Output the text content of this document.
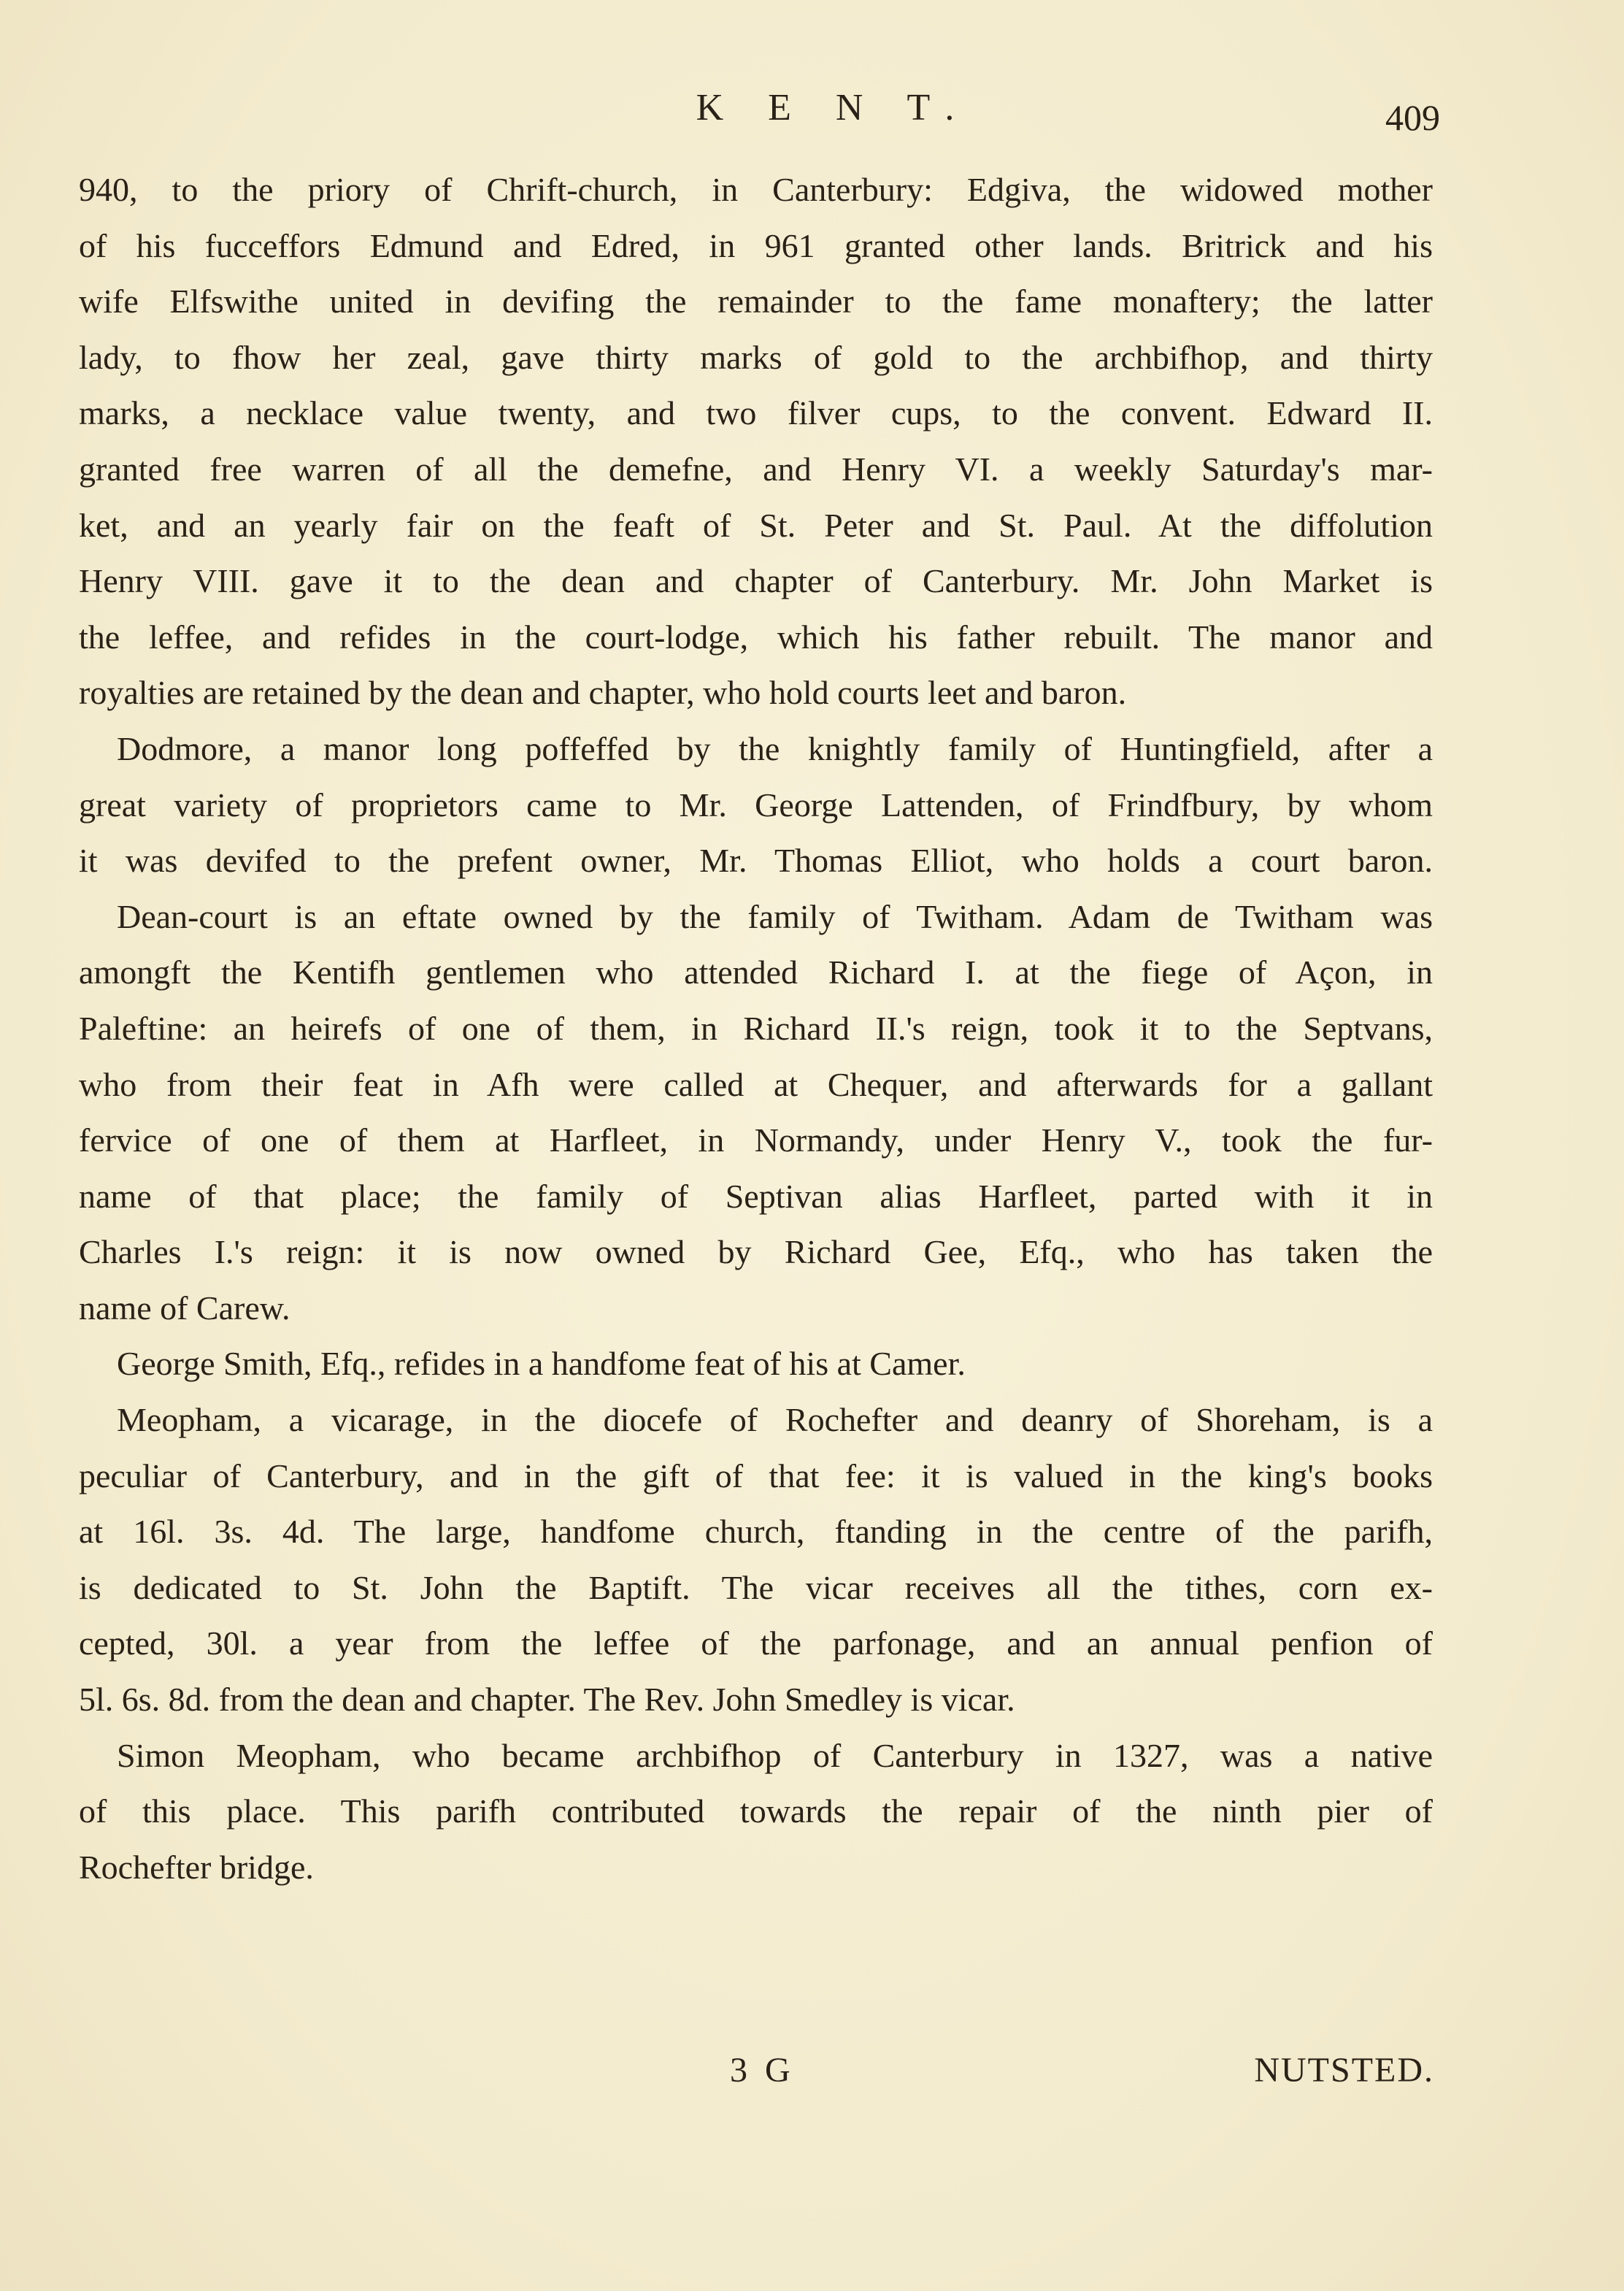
K E N T.	409
940, to the priory of Chrift-church, in Canterbury: Edgiva, the widowed mother
of his fucceffors Edmund and Edred, in 961 granted other lands. Britrick and his
wife Elfswithe united in devifing the remainder to the fame monaftery; the latter
lady, to fhow her zeal, gave thirty marks of gold to the archbifhop, and thirty
marks, a necklace value twenty, and two filver cups, to the convent. Edward II.
granted free warren of all the demefne, and Henry VI. a weekly Saturday's mar-
ket, and an yearly fair on the feaft of St. Peter and St. Paul. At the diffolution
Henry VIII. gave it to the dean and chapter of Canterbury. Mr. John Market is
the leffee, and refides in the court-lodge, which his father rebuilt. The manor and
royalties are retained by the dean and chapter, who hold courts leet and baron.
Dodmore, a manor long poffeffed by the knightly family of Huntingfield, after a
great variety of proprietors came to Mr. George Lattenden, of Frindfbury, by whom
it was devifed to the prefent owner, Mr. Thomas Elliot, who holds a court baron.
Dean-court is an eftate owned by the family of Twitham. Adam de Twitham was
amongft the Kentifh gentlemen who attended Richard I. at the fiege of Açon, in
Paleftine: an heirefs of one of them, in Richard II.'s reign, took it to the Septvans,
who from their feat in Afh were called at Chequer, and afterwards for a gallant
fervice of one of them at Harfleet, in Normandy, under Henry V., took the fur-
name of that place; the family of Septivan alias Harfleet, parted with it in
Charles I.'s reign: it is now owned by Richard Gee, Efq., who has taken the
name of Carew.
George Smith, Efq., refides in a handfome feat of his at Camer.
Meopham, a vicarage, in the diocefe of Rochefter and deanry of Shoreham, is a
peculiar of Canterbury, and in the gift of that fee: it is valued in the king's books
at 16l. 3s. 4d. The large, handfome church, ftanding in the centre of the parifh,
is dedicated to St. John the Baptift. The vicar receives all the tithes, corn ex-
cepted, 30l. a year from the leffee of the parfonage, and an annual penfion of
5l. 6s. 8d. from the dean and chapter. The Rev. John Smedley is vicar.
Simon Meopham, who became archbifhop of Canterbury in 1327, was a native
of this place. This parifh contributed towards the repair of the ninth pier of
Rochefter bridge.
3 G	NUTSTED.
